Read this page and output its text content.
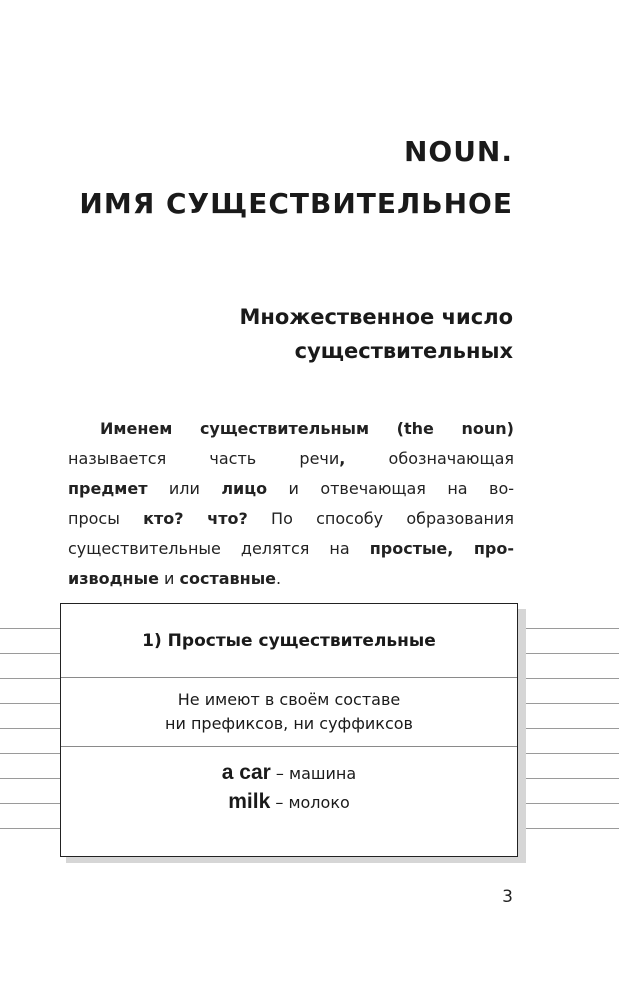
NOUN.
ИМЯ СУЩЕСТВИТЕЛЬНОЕ
Множественное число
существительных
Именем существительным (the noun)
называется часть речи, обозначающая
предмет или лицо и отвечающая на во-
просы кто? что? По способу образования
существительные делятся на простые, про-
изводные и составные.
1) Простые существительные
Не имеют в своём составе
ни префиксов, ни суффиксов
a car – машина
milk – молоко
3
